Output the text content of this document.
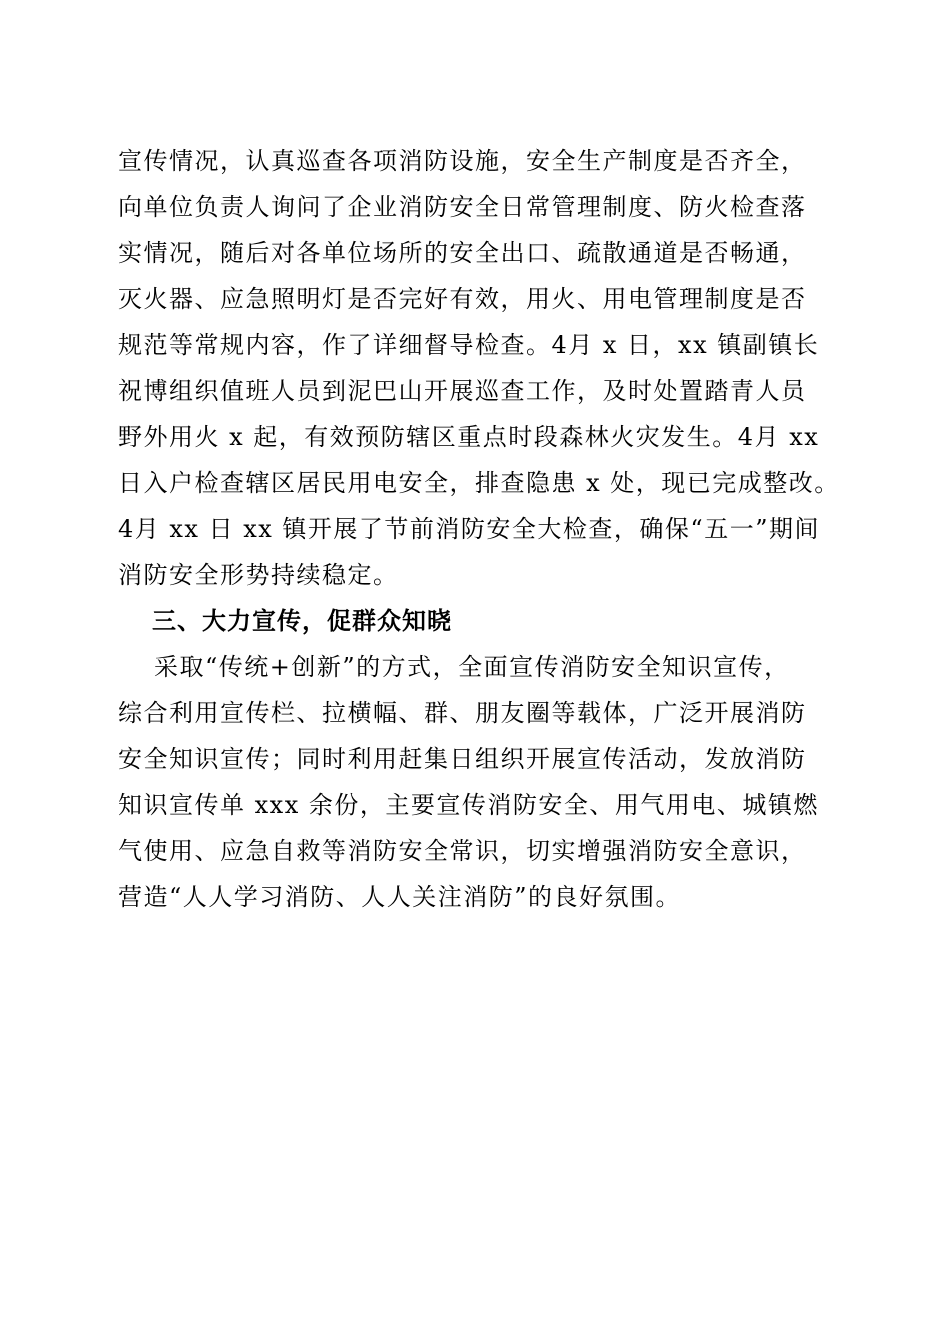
宣传情况，认真巡查各项消防设施，安全生产制度是否齐全，
向单位负责人询问了企业消防安全日常管理制度、防火检查落
实情况，随后对各单位场所的安全出口、疏散通道是否畅通，
灭火器、应急照明灯是否完好有效，用火、用电管理制度是否
规范等常规内容，作了详细督导检查。4月 x 日，xx 镇副镇长
祝博组织值班人员到泥巴山开展巡查工作，及时处置踏青人员
野外用火 x 起，有效预防辖区重点时段森林火灾发生。4月 xx
日入户检查辖区居民用电安全，排查隐患 x 处，现已完成整改。
4月 xx 日 xx 镇开展了节前消防安全大检查，确保“五一”期间
消防安全形势持续稳定。
三、大力宣传，促群众知晓
采取“传统+创新”的方式，全面宣传消防安全知识宣传，
综合利用宣传栏、拉横幅、群、朋友圈等载体，广泛开展消防
安全知识宣传；同时利用赶集日组织开展宣传活动，发放消防
知识宣传单 xxx 余份，主要宣传消防安全、用气用电、城镇燃
气使用、应急自救等消防安全常识，切实增强消防安全意识，
营造“人人学习消防、人人关注消防”的良好氛围。
